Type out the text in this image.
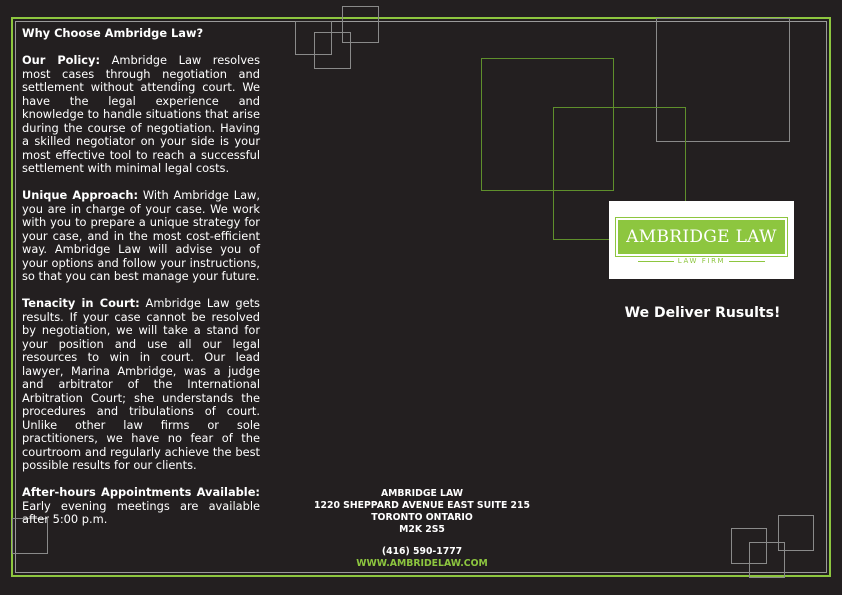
Why Choose Ambridge Law?

Our Policy: Ambridge Law resolves most cases through negotiation and settlement without attending court. We have the legal experience and knowledge to handle situations that arise during the course of negotiation. Having a skilled negotiator on your side is your most effective tool to reach a successful settlement with minimal legal costs.

Unique Approach: With Ambridge Law, you are in charge of your case. We work with you to prepare a unique strategy for your case, and in the most cost-efficient way. Ambridge Law will advise you of your options and follow your instructions, so that you can best manage your future.

Tenacity in Court: Ambridge Law gets results. If your case cannot be resolved by negotiation, we will take a stand for your position and use all our legal resources to win in court. Our lead lawyer, Marina Ambridge, was a judge and arbitrator of the International Arbitration Court; she understands the procedures and tribulations of court. Unlike other law firms or sole practitioners, we have no fear of the courtroom and regularly achieve the best possible results for our clients.

After-hours Appointments Available: Early evening meetings are available after 5:00 p.m.

AMBRIDGE LAW
LAW FIRM
We Deliver Rusults!
AMBRIDGE LAW
1220 SHEPPARD AVENUE EAST SUITE 215
TORONTO ONTARIO
M2K 2S5
(416) 590-1777
WWW.AMBRIDELAW.COM
